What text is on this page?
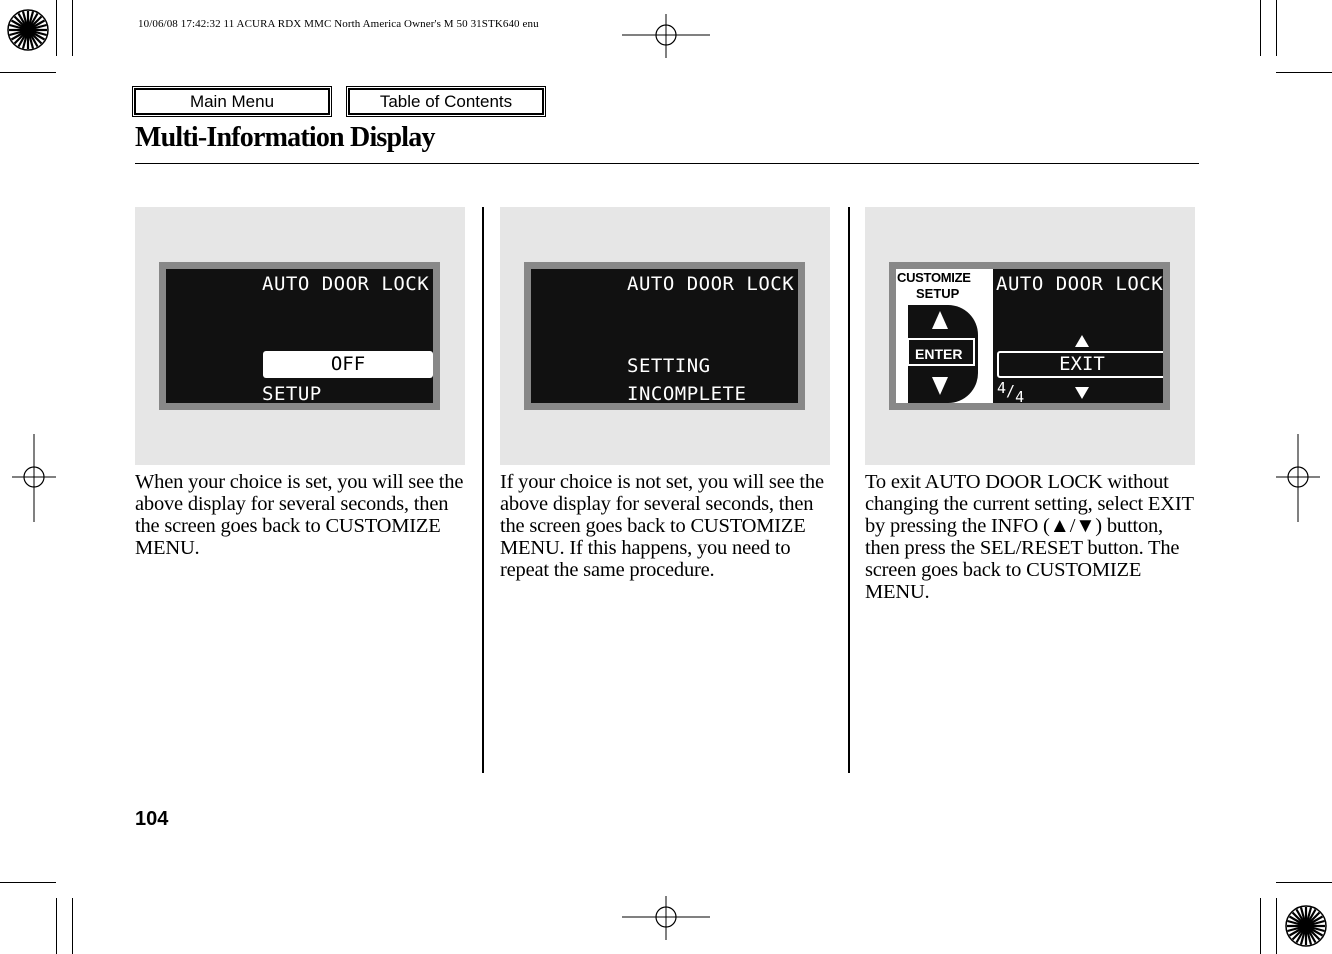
10/06/08 17:42:32 11 ACURA RDX MMC North America Owner's M 50 31STK640 enu
Main Menu	Table of Contents
Multi-Information Display
AUTO DOOR LOCK
OFF
SETUP
AUTO DOOR LOCK
SETTING
INCOMPLETE
CUSTOMIZE
SETUP
ENTER
AUTO DOOR LOCK
EXIT
$^4/_4$
When your choice is set, you will see the above display for several seconds, then the screen goes back to CUSTOMIZE MENU.
If your choice is not set, you will see the above display for several seconds, then the screen goes back to CUSTOMIZE MENU. If this happens, you need to repeat the same procedure.
To exit AUTO DOOR LOCK without changing the current setting, select EXIT by pressing the INFO (▲/▼) button, then press the SEL/RESET button. The screen goes back to CUSTOMIZE MENU.
104
